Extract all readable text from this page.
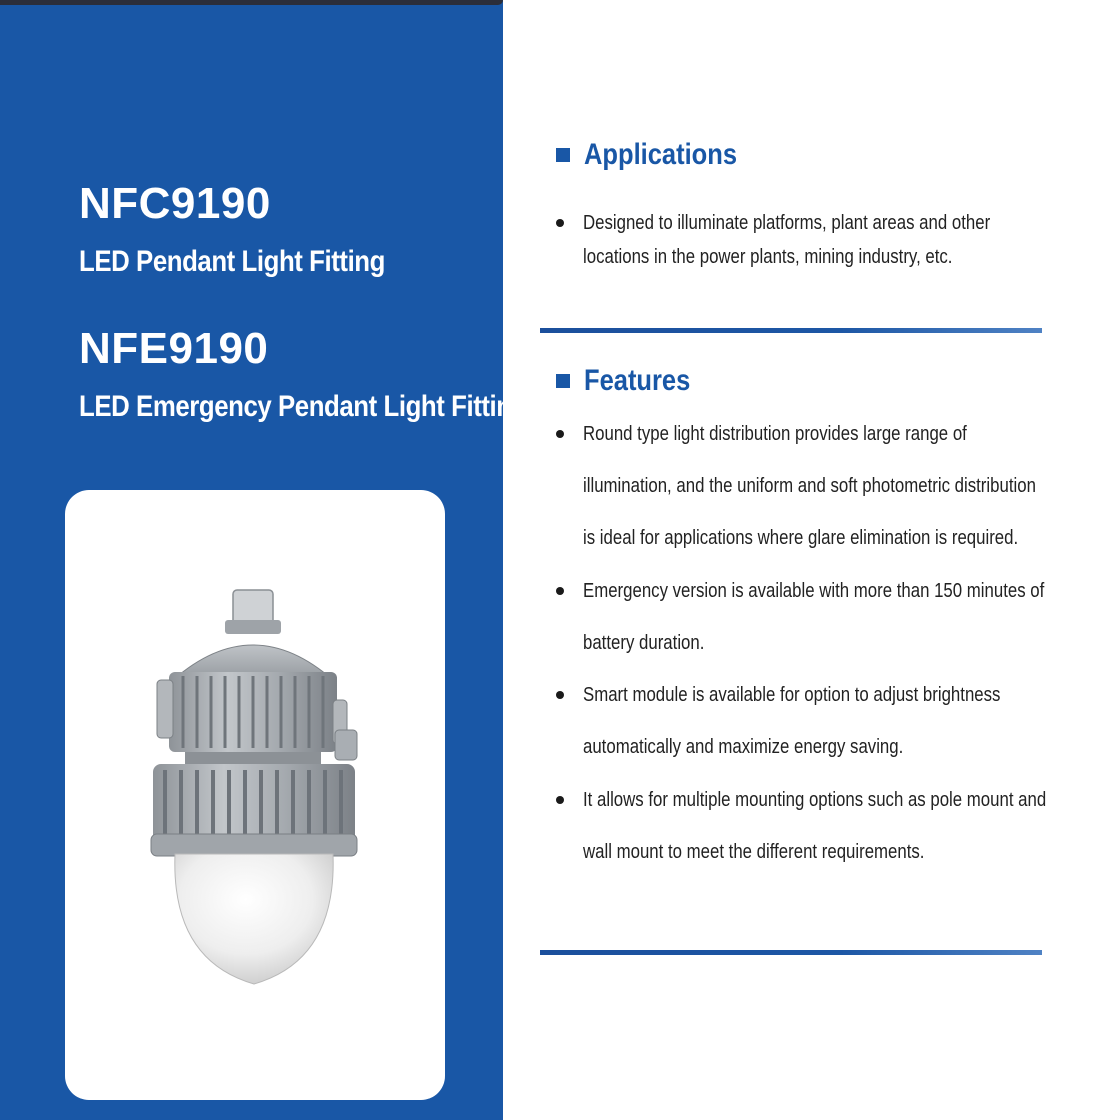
NFC9190
LED Pendant Light Fitting
NFE9190
LED Emergency Pendant Light Fitting
Applications
Designed to illuminate platforms, plant areas and other
locations in the power plants, mining industry, etc.
Features
Round type light distribution provides large range of
illumination, and the uniform and soft photometric distribution
is ideal for applications where glare elimination is required.
Emergency version is available with more than 150 minutes of
battery duration.
Smart module is available for option to adjust brightness
automatically and maximize energy saving.
It allows for multiple mounting options such as pole mount and
wall mount to meet the different requirements.
